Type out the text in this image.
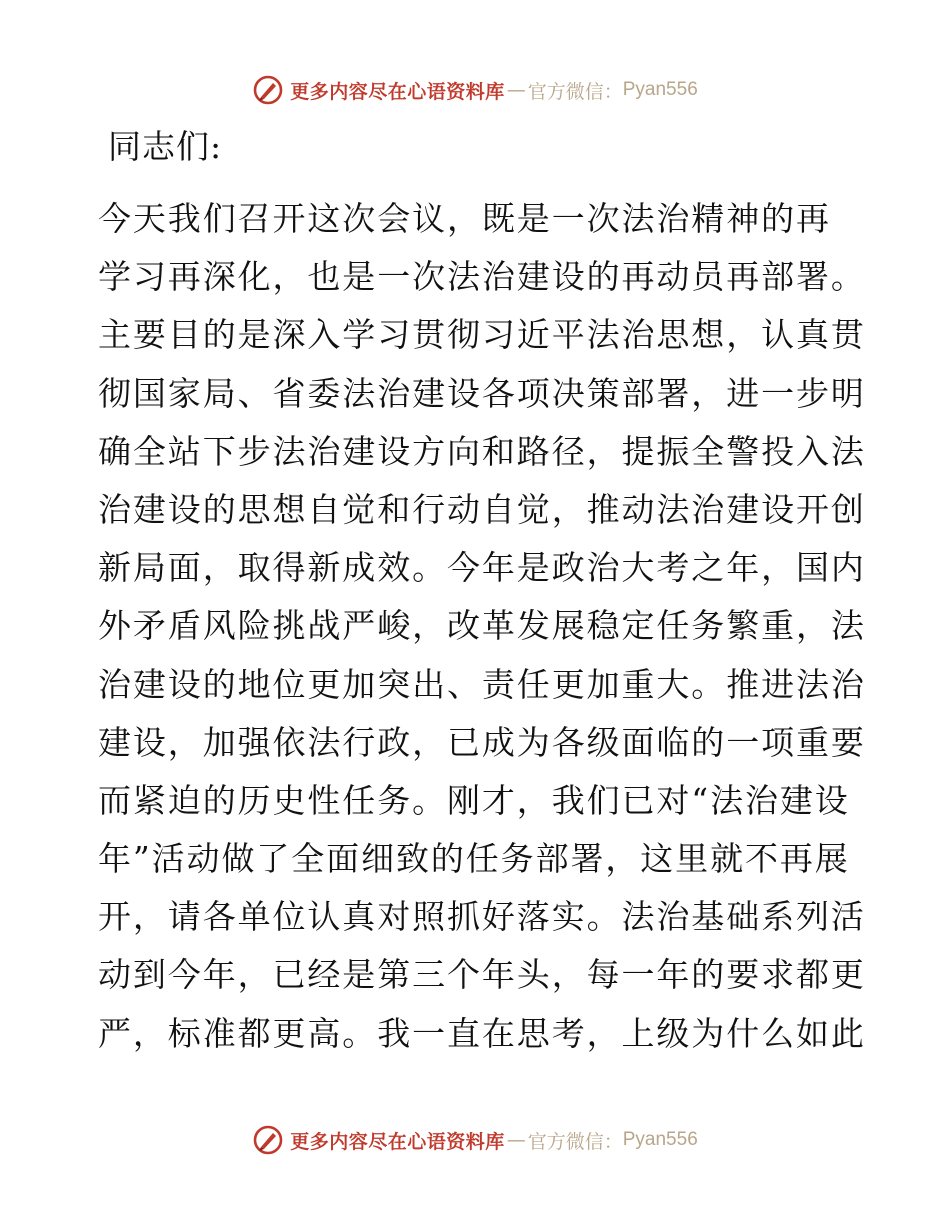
更多内容尽在心语资料库 — 官方微信： Pyan556
同志们:
今天我们召开这次会议，既是一次法治精神的再
学习再深化，也是一次法治建设的再动员再部署。
主要目的是深入学习贯彻习近平法治思想，认真贯
彻国家局、省委法治建设各项决策部署，进一步明
确全站下步法治建设方向和路径，提振全警投入法
治建设的思想自觉和行动自觉，推动法治建设开创
新局面，取得新成效。今年是政治大考之年，国内
外矛盾风险挑战严峻，改革发展稳定任务繁重，法
治建设的地位更加突出、责任更加重大。推进法治
建设，加强依法行政，已成为各级面临的一项重要
而紧迫的历史性任务。刚才，我们已对“法治建设
年”活动做了全面细致的任务部署，这里就不再展
开，请各单位认真对照抓好落实。法治基础系列活
动到今年，已经是第三个年头，每一年的要求都更
严，标准都更高。我一直在思考，上级为什么如此
更多内容尽在心语资料库 — 官方微信： Pyan556
